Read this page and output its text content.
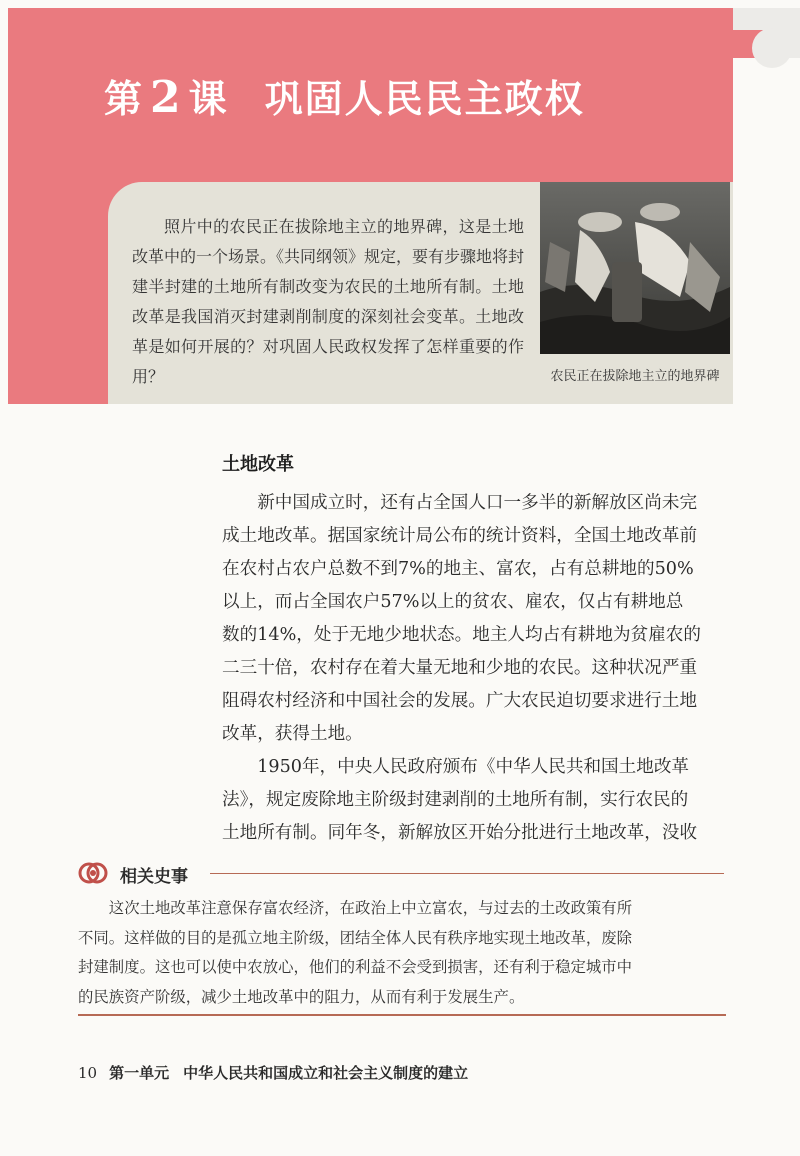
第 2 课 巩固人民民主政权
照片中的农民正在拔除地主立的地界碑，这是土地改革中的一个场景。《共同纲领》规定，要有步骤地将封建半封建的土地所有制改变为农民的土地所有制。土地改革是我国消灭封建剥削制度的深刻社会变革。土地改革是如何开展的？对巩固人民政权发挥了怎样重要的作用？	农民正在拔除地主立的地界碑
土地改革
新中国成立时，还有占全国人口一多半的新解放区尚未完
成土地改革。据国家统计局公布的统计资料，全国土地改革前
在农村占农户总数不到7%的地主、富农，占有总耕地的50%
以上，而占全国农户57%以上的贫农、雇农，仅占有耕地总
数的14%，处于无地少地状态。地主人均占有耕地为贫雇农的
二三十倍，农村存在着大量无地和少地的农民。这种状况严重
阻碍农村经济和中国社会的发展。广大农民迫切要求进行土地
改革，获得土地。
1950年，中央人民政府颁布《中华人民共和国土地改革
法》，规定废除地主阶级封建剥削的土地所有制，实行农民的
土地所有制。同年冬，新解放区开始分批进行土地改革，没收
相关史事
这次土地改革注意保存富农经济，在政治上中立富农，与过去的土改政策有所
不同。这样做的目的是孤立地主阶级，团结全体人民有秩序地实现土地改革，废除
封建制度。这也可以使中农放心，他们的利益不会受到损害，还有利于稳定城市中
的民族资产阶级，减少土地改革中的阻力，从而有利于发展生产。
10 第一单元 中华人民共和国成立和社会主义制度的建立
